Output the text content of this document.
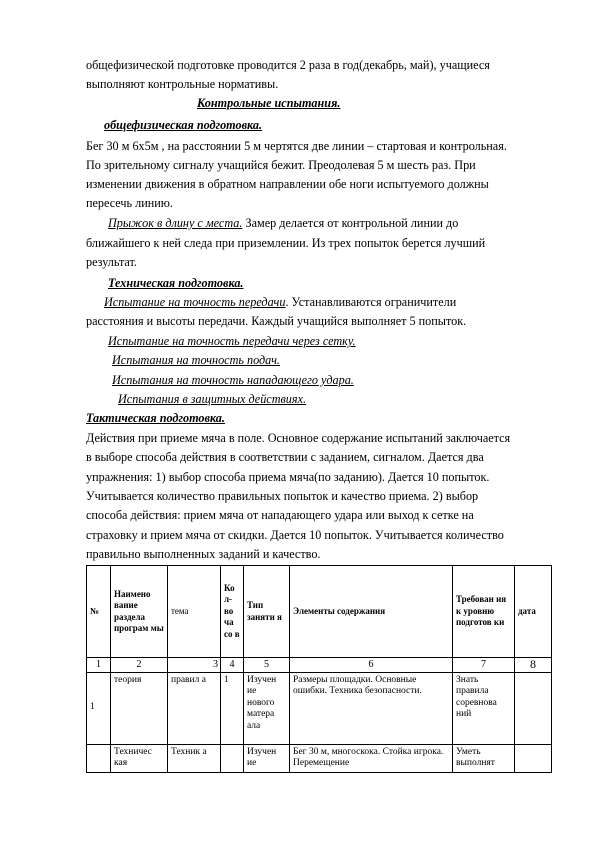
общефизической подготовке проводится 2 раза в год(декабрь, май), учащиеся
выполняют контрольные нормативы.
Контрольные испытания.
общефизическая подготовка.
Бег 30 м 6х5м , на расстоянии 5 м чертятся две линии – стартовая и контрольная.
По зрительному сигналу учащийся бежит. Преодолевая 5 м шесть раз. При
изменении движения в обратном направлении обе ноги испытуемого должны
пересечь линию.
Прыжок в длину с места. Замер делается от контрольной линии до
ближайшего к ней следа при приземлении. Из трех попыток берется лучший
результат.
Техническая подготовка.
Испытание на точность передачи. Устанавливаются ограничители
расстояния и высоты передачи. Каждый учащийся выполняет 5 попыток.
Испытание на точность передачи через сетку.
Испытания на точность подач.
Испытания на точность нападающего удара.
Испытания в защитных действиях.
Тактическая подготовка.
Действия при приеме мяча в поле. Основное содержание испытаний заключается
в выборе способа действия в соответствии с заданием, сигналом. Дается два
упражнения: 1) выбор способа приема мяча(по заданию). Дается 10 попыток.
Учитывается количество правильных попыток и качество приема. 2) выбор
способа действия: прием мяча от нападающего удара или выход к сетке на
страховку и прием мяча от скидки. Дается 10 попыток. Учитывается количество
правильно выполненных заданий и качество.
№	Наимено вание раздела програм мы	тема	Ко л-во ча со в	Тип заняти я	Элементы содержания	Требован ия к уровню подготов ки	дата
1	2	3	4	5	6	7	8
1	теория	правил а	1	Изучен ие нового матера ала	Размеры площадки. Основные ошибки. Техника безопасности.	Знать правила соревнова ний	
	Техничес кая	Техник а		Изучен ие	Бег 30 м, многоскока. Стойка игрока. Перемещение	Уметь выполнят	
